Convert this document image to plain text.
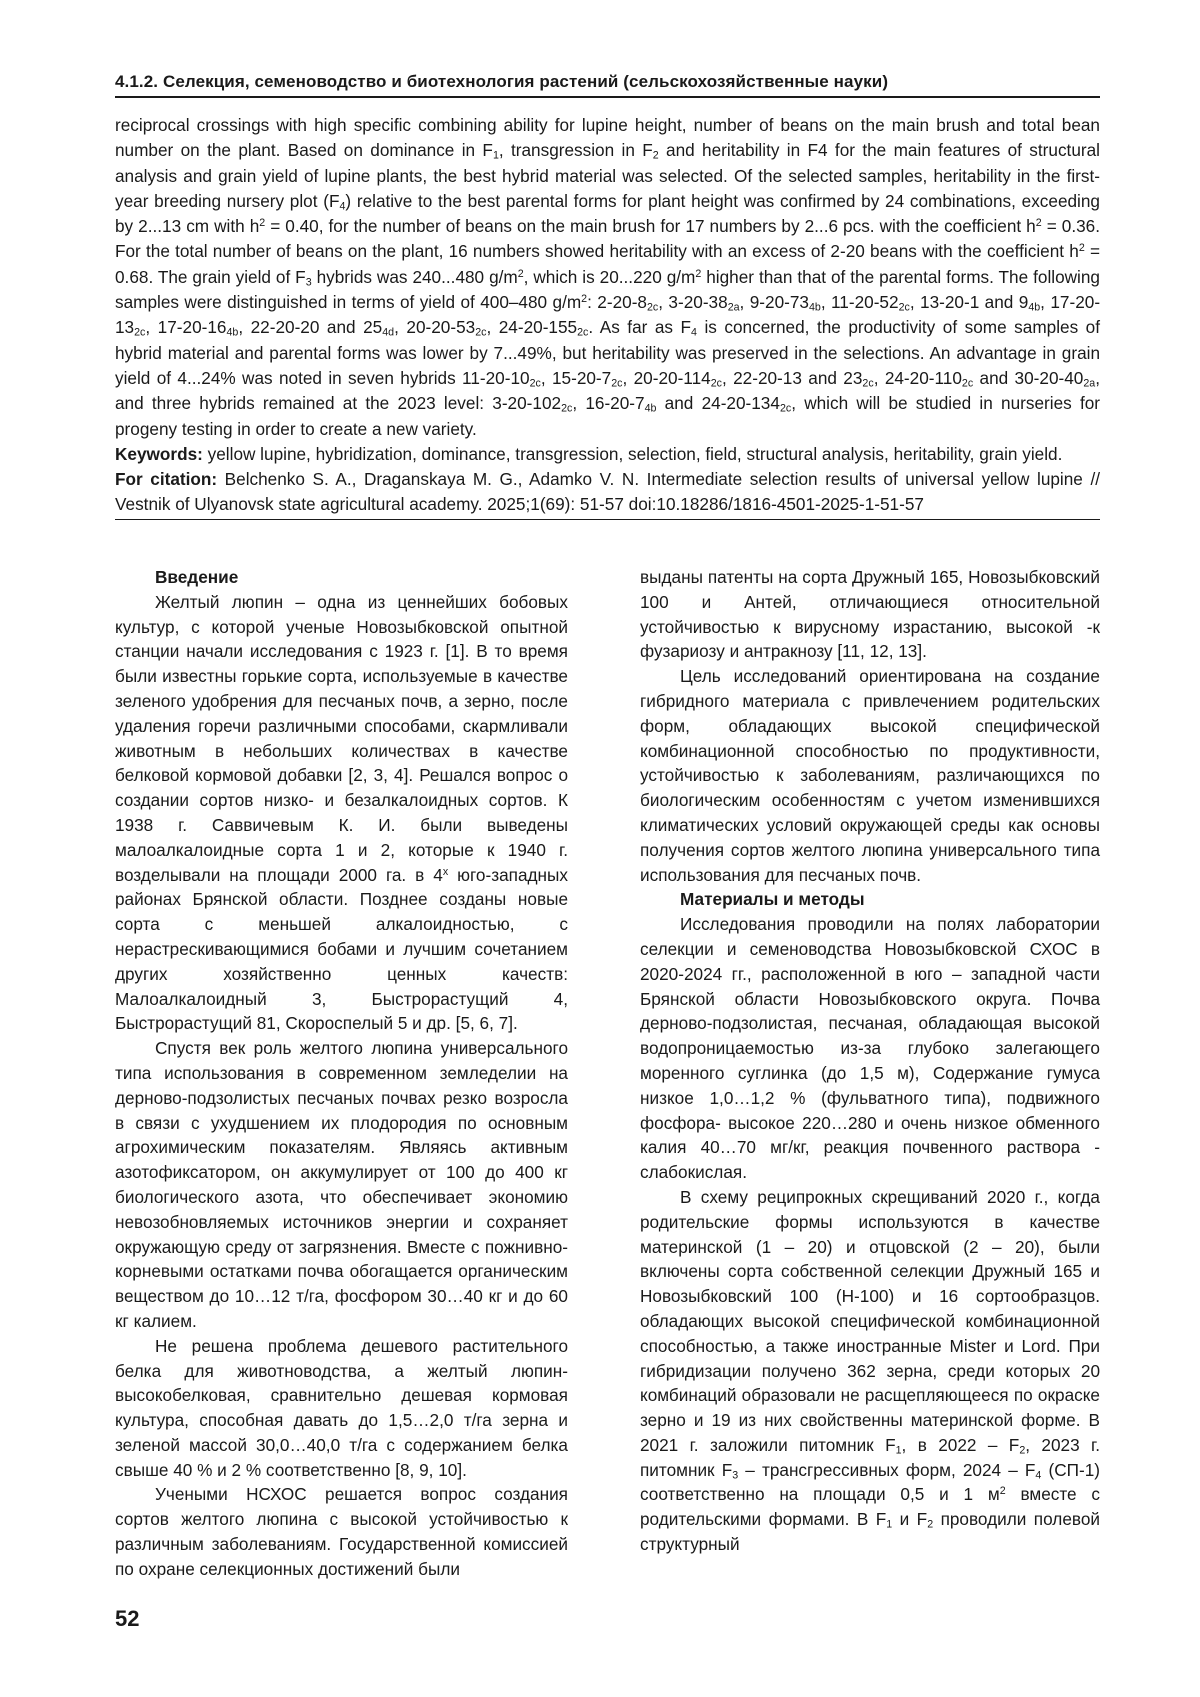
4.1.2. Селекция, семеноводство и биотехнология растений (сельскохозяйственные науки)

reciprocal crossings with high specific combining ability for lupine height, number of beans on the main brush and total bean number on the plant. Based on dominance in $F_1$, transgression in $F_2$ and heritability in F4 for the main features of structural analysis and grain yield of lupine plants, the best hybrid material was selected. Of the selected samples, heritability in the first-year breeding nursery plot $(F_4)$ relative to the best parental forms for plant height was confirmed by 24 combinations, exceeding by 2...13 cm with $h^2 = 0.40$, for the number of beans on the main brush for 17 numbers by 2...6 pcs. with the coefficient $h^2 = 0.36$. For the total number of beans on the plant, 16 numbers showed heritability with an excess of 2-20 beans with the coefficient $h^2 = 0.68$. The grain yield of $F_3$ hybrids was 240...480 $g/m^2$, which is 20...220 $g/m^2$ higher than that of the parental forms. The following samples were distinguished in terms of yield of 400–480 $g/m^2$: $2-20-8_{2c}$, $3-20-38_{2a}$, $9-20-73_{4b}$, $11-20-52_{2c}$, 13-20-1 and $9_{4b}$, $17-20-13_{2c}$, $17-20-16_{4b}$, 22-20-20 and $25_{4d}$, $20-20-53_{2c}$, $24-20-155_{2c}$. As far as $F_4$ is concerned, the productivity of some samples of hybrid material and parental forms was lower by 7...49%, but heritability was preserved in the selections. An advantage in grain yield of 4...24% was noted in seven hybrids $11-20-10_{2c}$, $15-20-7_{2c}$, $20-20-114_{2c}$, 22-20-13 and $23_{2c}$, $24-20-110_{2c}$ and $30-20-40_{2a}$, and three hybrids remained at the 2023 level: $3-20-102_{2c}$, $16-20-7_{4b}$ and $24-20-134_{2c}$, which will be studied in nurseries for progeny testing in order to create a new variety.

Keywords: yellow lupine, hybridization, dominance, transgression, selection, field, structural analysis, heritability, grain yield.

For citation: Belchenko S. A., Draganskaya M. G., Adamko V. N. Intermediate selection results of universal yellow lupine // Vestnik of Ulyanovsk state agricultural academy. 2025;1(69): 51-57 doi:10.18286/1816-4501-2025-1-51-57

Введение

Желтый люпин – одна из ценнейших бобовых культур, с которой ученые Новозыбковской опытной станции начали исследования с 1923 г. [1]. В то время были известны горькие сорта, используемые в качестве зеленого удобрения для песчаных почв, а зерно, после удаления горечи различными способами, скармливали животным в небольших количествах в качестве белковой кормовой добавки [2, 3, 4]. Решался вопрос о создании сортов низко- и безалкалоидных сортов. К 1938 г. Саввичевым К. И. были выведены малоалкалоидные сорта 1 и 2, которые к 1940 г. возделывали на площади 2000 га. в $4^х$ юго-западных районах Брянской области. Позднее созданы новые сорта с меньшей алкалоидностью, с нерастрескивающимися бобами и лучшим сочетанием других хозяйственно ценных качеств: Малоалкалоидный 3, Быстрорастущий 4, Быстрорастущий 81, Скороспелый 5 и др. [5, 6, 7].

Спустя век роль желтого люпина универсального типа использования в современном земледелии на дерново-подзолистых песчаных почвах резко возросла в связи с ухудшением их плодородия по основным агрохимическим показателям. Являясь активным азотофиксатором, он аккумулирует от 100 до 400 кг биологического азота, что обеспечивает экономию невозобновляемых источников энергии и сохраняет окружающую среду от загрязнения. Вместе с пожнивно-корневыми остатками почва обогащается органическим веществом до 10…12 т/га, фосфором 30…40 кг и до 60 кг калием.

Не решена проблема дешевого растительного белка для животноводства, а желтый люпин-высокобелковая, сравнительно дешевая кормовая культура, способная давать до 1,5…2,0 т/га зерна и зеленой массой 30,0…40,0 т/га с содержанием белка свыше 40 % и 2 % соответственно [8, 9, 10].

Учеными НСХОС решается вопрос создания сортов желтого люпина с высокой устойчивостью к различным заболеваниям. Государственной комиссией по охране селекционных достижений были

выданы патенты на сорта Дружный 165, Новозыбковский 100 и Антей, отличающиеся относительной устойчивостью к вирусному израстанию, высокой -к фузариозу и антракнозу [11, 12, 13].

Цель исследований ориентирована на создание гибридного материала с привлечением родительских форм, обладающих высокой специфической комбинационной способностью по продуктивности, устойчивостью к заболеваниям, различающихся по биологическим особенностям с учетом изменившихся климатических условий окружающей среды как основы получения сортов желтого люпина универсального типа использования для песчаных почв.

Материалы и методы

Исследования проводили на полях лаборатории селекции и семеноводства Новозыбковской СХОС в 2020-2024 гг., расположенной в юго – западной части Брянской области Новозыбковского округа. Почва дерново-подзолистая, песчаная, обладающая высокой водопроницаемостью из-за глубоко залегающего моренного суглинка (до 1,5 м), Содержание гумуса низкое 1,0…1,2 % (фульватного типа), подвижного фосфора- высокое 220…280 и очень низкое обменного калия 40…70 мг/кг, реакция почвенного раствора - слабокислая.

В схему реципрокных скрещиваний 2020 г., когда родительские формы используются в качестве материнской (1 – 20) и отцовской (2 – 20), были включены сорта собственной селекции Дружный 165 и Новозыбковский 100 (Н-100) и 16 сортообразцов. обладающих высокой специфической комбинационной способностью, а также иностранные Mister и Lord. При гибридизации получено 362 зерна, среди которых 20 комбинаций образовали не расщепляющееся по окраске зерно и 19 из них свойственны материнской форме. В 2021 г. заложили питомник $F_1$, в $2022 - F_2$, 2023 г. питомник $F_3$ – трансгрессивных форм, $2024 - F_4$ (СП-1) соответственно на площади 0,5 и 1 $м^2$ вместе с родительскими формами. В $F_1$ и $F_2$ проводили полевой структурный

52
